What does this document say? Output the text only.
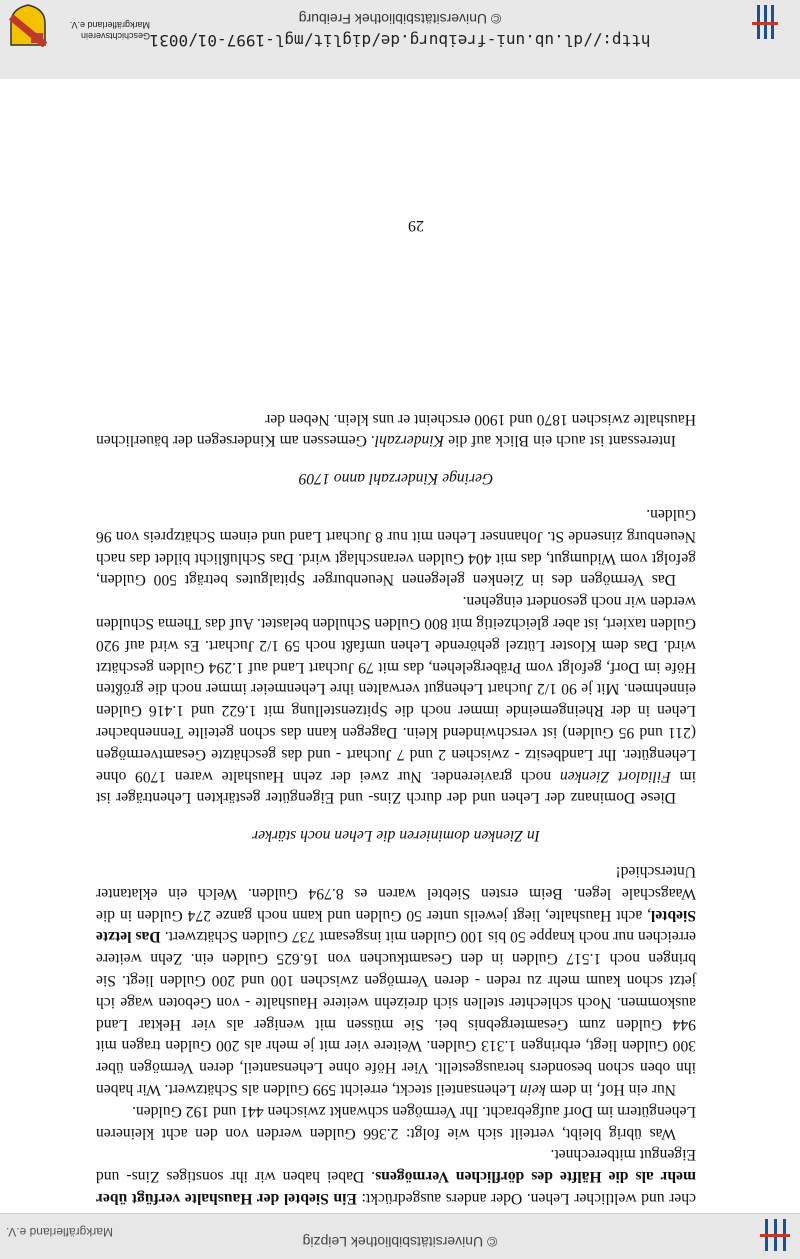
© Universitätsbibliothek Leipzig
Markgräflerland e.V.

cher und weltlicher Lehen. Oder anders ausgedrückt: Ein Siebtel der Haushalte verfügt über mehr als die Hälfte des dörflichen Vermögens. Dabei haben wir ihr sonstiges Zins- und Eigengut mitberechnet.

Was übrig bleibt, verteilt sich wie folgt: 2.366 Gulden werden von den acht kleineren Lehengütern im Dorf aufgebracht. Ihr Vermögen schwankt zwischen 441 und 192 Gulden.

Nur ein Hof, in dem kein Lehensanteil steckt, erreicht 599 Gulden als Schätzwert. Wir haben ihn oben schon besonders herausgestellt. Vier Höfe ohne Lehensanteil, deren Vermögen über 300 Gulden liegt, erbringen 1.313 Gulden. Weitere vier mit je mehr als 200 Gulden tragen mit 944 Gulden zum Gesamtergebnis bei. Sie müssen mit weniger als vier Hektar Land auskommen. Noch schlechter stellen sich dreizehn weitere Haushalte - von Geboten wage ich jetzt schon kaum mehr zu reden - deren Vermögen zwischen 100 und 200 Gulden liegt. Sie bringen noch 1.517 Gulden in den Gesamtkuchen von 16.625 Gulden ein. Zehn weitere erreichen nur noch knappe 50 bis 100 Gulden mit insgesamt 737 Gulden Schätzwert. Das letzte Siebtel, acht Haushalte, liegt jeweils unter 50 Gulden und kann noch ganze 274 Gulden in die Waagschale legen. Beim ersten Siebtel waren es 8.794 Gulden. Welch ein eklatanter Unterschied!

In Zienken dominieren die Lehen noch stärker

Diese Dominanz der Lehen und der durch Zins- und Eigengüter gestärkten Lehenträger ist im Filialort Zienken noch gravierender. Nur zwei der zehn Haushalte waren 1709 ohne Lehengüter. Ihr Landbesitz - zwischen 2 und 7 Juchart - und das geschätzte Gesamtvermögen (211 und 95 Gulden) ist verschwindend klein. Dagegen kann das schon geteilte Tennenbacher Lehen in der Rheingemeinde immer noch die Spitzenstellung mit 1.622 und 1.416 Gulden einnehmen. Mit je 90 1/2 Juchart Lehengut verwalten ihre Lehenmeier immer noch die größten Höfe im Dorf, gefolgt vom Präbergelehen, das mit 79 Juchart Land auf 1.294 Gulden geschätzt wird. Das dem Kloster Lützel gehörende Lehen umfaßt noch 59 1/2 Juchart. Es wird auf 920 Gulden taxiert, ist aber gleichzeitig mit 800 Gulden Schulden belastet. Auf das Thema Schulden werden wir noch gesondert eingehen.

Das Vermögen des in Zienken gelegenen Neuenburger Spitalgutes beträgt 500 Gulden, gefolgt vom Widumgut, das mit 404 Gulden veranschlagt wird. Das Schlußlicht bildet das nach Neuenburg zinsende St. Johannser Lehen mit nur 8 Juchart Land und einem Schätzpreis von 96 Gulden.

Geringe Kinderzahl anno 1709

Interessant ist auch ein Blick auf die Kinderzahl. Gemessen am Kindersegen der bäuerlichen Haushalte zwischen 1870 und 1900 erscheint er uns klein. Neben der

29
http://dl.ub.uni-freiburg.de/diglit/mgl-1997-01/0031
© Universitätsbibliothek Freiburg
Geschichtsverein
Markgräflerland e.V.
